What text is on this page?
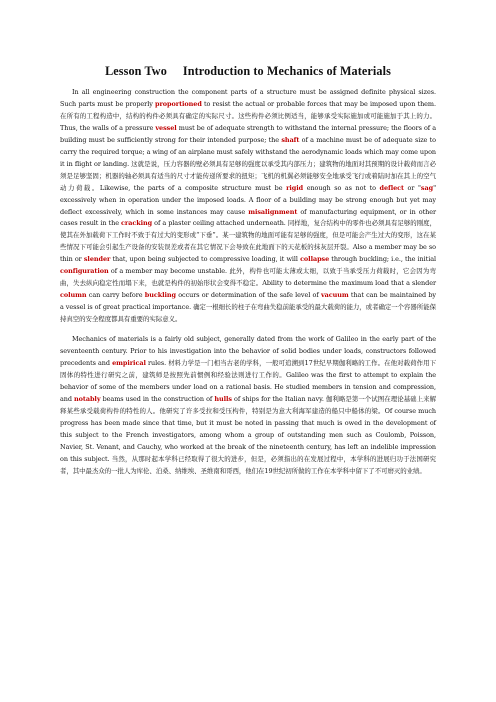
Lesson Two Introduction to Mechanics of Materials

In all engineering construction the component parts of a structure must be assigned definite physical sizes. Such parts must be properly proportioned to resist the actual or probable forces that may be imposed upon them. 在所有的工程构造中，结构的构件必须具有确定的实际尺寸。这些构件必须比例适当，能够承受实际施加或可能施加于其上的力。Thus, the walls of a pressure vessel must be of adequate strength to withstand the internal pressure; the floors of a building must be sufficiently strong for their intended purpose; the shaft of a machine must be of adequate size to carry the required torque; a wing of an airplane must safely withstand the aerodynamic loads which may come upon it in flight or landing. 这就是说，压力容器的壁必须具有足够的强度以承受其内部压力；建筑物的地面对其预期的设计载荷而言必须是足够坚固；机器的轴必须具有适当的尺寸才能传递所要求的扭矩；飞机的机翼必须能够安全地承受飞行或着陆时加在其上的空气动力荷载。Likewise, the parts of a composite structure must be rigid enough so as not to deflect or "sag" excessively when in operation under the imposed loads. A floor of a building may be strong enough but yet may deflect excessively, which in some instances may cause misalignment of manufacturing equipment, or in other cases result in the cracking of a plaster ceiling attached underneath. 同样地，复合结构中的零件也必须具有足够的刚度，使其在外加载荷下工作时不致于有过大的变形或“下垂”。某一建筑物的地面可能有足够的强度，但是可能会产生过大的变形，这在某些情况下可能会引起生产设备的安装误差或者在其它情况下会导致在此地面下的天花板的抹灰层开裂。Also a member may be so thin or slender that, upon being subjected to compressive loading, it will collapse through buckling; i.e., the initial configuration of a member may become unstable. 此外，构件也可能太薄或太细，以致于当承受压力荷载时，它会因为弯曲，失去纵向稳定性而塌下来，也就是构件的初始形状会变得不稳定。Ability to determine the maximum load that a slender column can carry before buckling occurs or determination of the safe level of vacuum that can be maintained by a vessel is of great practical importance. 确定一根细长的柱子在弯曲失稳前能承受的最大载荷的能力，或者确定一个容器所能保持真空的安全程度都具有重要的实际意义。

Mechanics of materials is a fairly old subject, generally dated from the work of Galileo in the early part of the seventeenth century. Prior to his investigation into the behavior of solid bodies under loads, constructors followed precedents and empirical rules. 材料力学是一门相当古老的学科，一般可追溯到17世纪早期伽利略的工作。在他对载荷作用下固体的特性进行研究之前，建筑师是按照先前惯例和经验法则进行工作的。Galileo was the first to attempt to explain the behavior of some of the members under load on a rational basis. He studied members in tension and compression, and notably beams used in the construction of hulls of ships for the Italian navy. 伽利略是第一个试图在理论基础上来解释某些承受载荷构件的特性的人。他研究了许多受拉和受压构件，特别是为意大利海军建造的船只中船体的梁。Of course much progress has been made since that time, but it must be noted in passing that much is owed in the development of this subject to the French investigators, among whom a group of outstanding men such as Coulomb, Poisson, Navier, St. Venant, and Cauchy, who worked at the break of the nineteenth century, has left an indelible impression on this subject. 当然，从那时起本学科已经取得了很大的进步，但是，必须指出的在发展过程中，本学科的进展归功于法国研究者，其中最杰众的一批人为库伦、泊桑、纳维埃、圣维南和哥西，他们在19世纪初所做的工作在本学科中留下了不可磨灭的业绩。
